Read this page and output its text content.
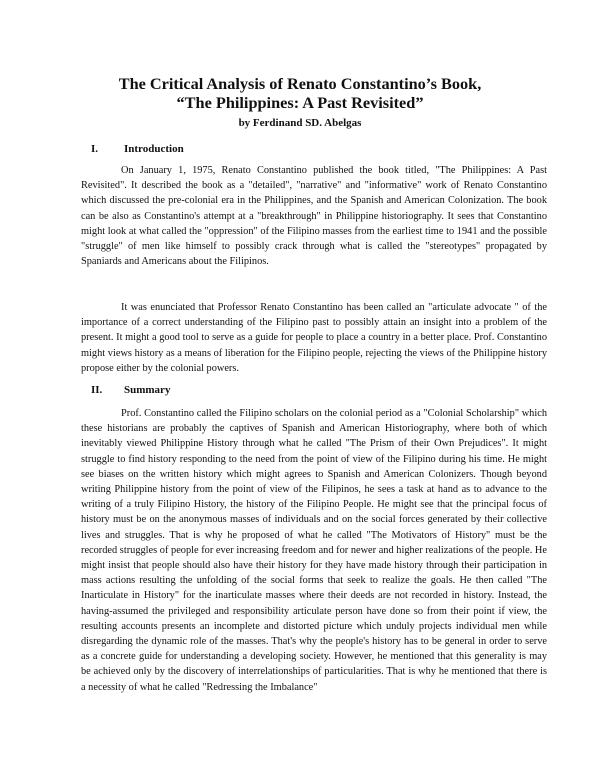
The Critical Analysis of Renato Constantino’s Book,
“The Philippines: A Past Revisited”

by Ferdinand SD. Abelgas

I. Introduction

On January 1, 1975, Renato Constantino published the book titled, "The Philippines: A Past Revisited". It described the book as a "detailed", "narrative" and "informative" work of Renato Constantino which discussed the pre-colonial era in the Philippines, and the Spanish and American Colonization. The book can be also as Constantino's attempt at a "breakthrough" in Philippine historiography. It sees that Constantino might look at what called the "oppression" of the Filipino masses from the earliest time to 1941 and the possible "struggle" of men like himself to possibly crack through what is called the "stereotypes" propagated by Spaniards and Americans about the Filipinos.

It was enunciated that Professor Renato Constantino has been called an "articulate advocate " of the importance of a correct understanding of the Filipino past to possibly attain an insight into a problem of the present. It might a good tool to serve as a guide for people to place a country in a better place. Prof. Constantino might views history as a means of liberation for the Filipino people, rejecting the views of the Philippine history propose either by the colonial powers.

II. Summary

Prof. Constantino called the Filipino scholars on the colonial period as a "Colonial Scholarship" which these historians are probably the captives of Spanish and American Historiography, where both of which inevitably viewed Philippine History through what he called "The Prism of their Own Prejudices". It might struggle to find history responding to the need from the point of view of the Filipino during his time. He might see biases on the written history which might agrees to Spanish and American Colonizers. Though beyond writing Philippine history from the point of view of the Filipinos, he sees a task at hand as to advance to the writing of a truly Filipino History, the history of the Filipino People. He might see that the principal focus of history must be on the anonymous masses of individuals and on the social forces generated by their collective lives and struggles. That is why he proposed of what he called "The Motivators of History" must be the recorded struggles of people for ever increasing freedom and for newer and higher realizations of the people. He might insist that people should also have their history for they have made history through their participation in mass actions resulting the unfolding of the social forms that seek to realize the goals. He then called "The Inarticulate in History" for the inarticulate masses where their deeds are not recorded in history. Instead, the having-assumed the privileged and responsibility articulate person have done so from their point if view, the resulting accounts presents an incomplete and distorted picture which unduly projects individual men while disregarding the dynamic role of the masses. That's why the people's history has to be general in order to serve as a concrete guide for understanding a developing society. However, he mentioned that this generality is may be achieved only by the discovery of interrelationships of particularities. That is why he mentioned that there is a necessity of what he called "Redressing the Imbalance"
